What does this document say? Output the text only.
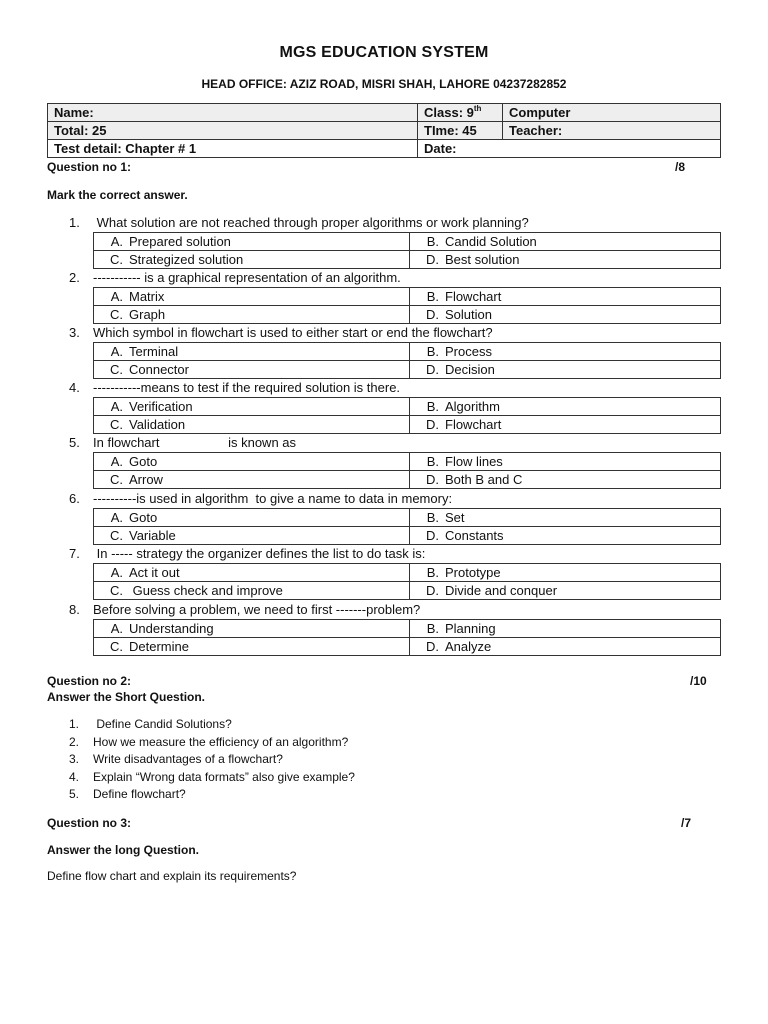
MGS EDUCATION SYSTEM
HEAD OFFICE: AZIZ ROAD, MISRI SHAH, LAHORE 04237282852
Name:	Class: 9th	Computer
Total: 25	TIme: 45	Teacher:
Test detail: Chapter # 1	Date:	
Question no 1:	/8
Mark the correct answer.
1. What solution are not reached through proper algorithms or work planning?
A. Prepared solution	B. Candid Solution
C. Strategized solution	D. Best solution
2. ----------- is a graphical representation of an algorithm.
A. Matrix	B. Flowchart
C. Graph	D. Solution
3. Which symbol in flowchart is used to either start or end the flowchart?
A. Terminal	B. Process
C. Connector	D. Decision
4. -----------means to test if the required solution is there.
A. Verification	B. Algorithm
C. Validation	D. Flowchart
5. In flowchart                   is known as
A. Goto	B. Flow lines
C. Arrow	D. Both B and C
6. ----------is used in algorithm  to give a name to data in memory:
A. Goto	B. Set
C. Variable	D. Constants
7. In ----- strategy the organizer defines the list to do task is:
A. Act it out	B. Prototype
C. Guess check and improve	D. Divide and conquer
8. Before solving a problem, we need to first -------problem?
A. Understanding	B. Planning
C. Determine	D. Analyze
Question no 2:	/10
Answer the Short Question.
1. Define Candid Solutions?
2. How we measure the efficiency of an algorithm?
3. Write disadvantages of a flowchart?
4. Explain “Wrong data formats” also give example?
5. Define flowchart?
Question no 3:	/7
Answer the long Question.
Define flow chart and explain its requirements?
